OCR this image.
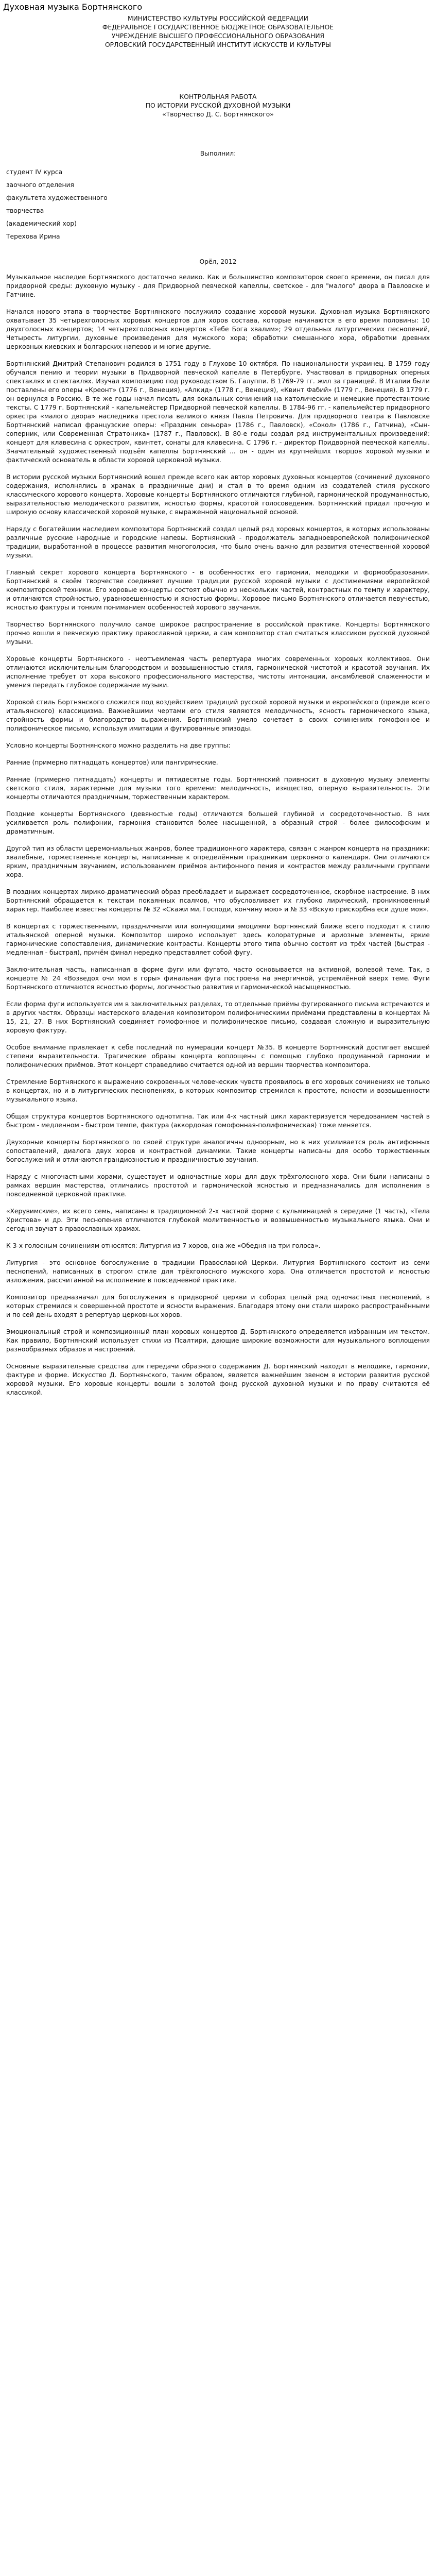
Духовная музыка Бортнянского
МИНИСТЕРСТВО КУЛЬТУРЫ РОССИЙСКОЙ ФЕДЕРАЦИИ
ФЕДЕРАЛЬНОЕ ГОСУДАРСТВЕННОЕ БЮДЖЕТНОЕ ОБРАЗОВАТЕЛЬНОЕ
УЧРЕЖДЕНИЕ ВЫСШЕГО ПРОФЕССИОНАЛЬНОГО ОБРАЗОВАНИЯ
ОРЛОВСКИЙ ГОСУДАРСТВЕННЫЙ ИНСТИТУТ ИСКУССТВ И КУЛЬТУРЫ
КОНТРОЛЬНАЯ РАБОТА
ПО ИСТОРИИ РУССКОЙ ДУХОВНОЙ МУЗЫКИ
«Творчество Д. С. Бортнянского»
Выполнил:
студент IV курса
заочного отделения
факультета художественного
творчества
(академический хор)
Терехова Ирина
Орёл, 2012

Музыкальное наследие Бортнянского достаточно велико. Как и большинство композиторов своего времени, он писал для придворной среды: духовную музыку - для Придворной певческой капеллы, светское - для "малого" двора в Павловске и Гатчине.

Начался нового этапа в творчестве Бортнянского послужило создание хоровой музыки. Духовная музыка Бортнянского охватывает 35 четырехголосных хоровых концертов для хоров состава, которые начинаются в его время половины: 10 двухголосных концертов; 14 четырехголосных концертов «Тебе Бога хвалим»; 29 отдельных литургических песнопений, Четыресть литургии, духовные произведения для мужского хора; обработки смешанного хора, обработки древних церковных киевских и болгарских напевов и многие другие.

Бортнянский Дмитрий Степанович родился в 1751 году в Глухове 10 октября. По национальности украинец. В 1759 году обучался пению и теории музыки в Придворной певческой капелле в Петербурге. Участвовал в придворных оперных спектаклях и спектаклях. Изучал композицию под руководством Б. Галуппи. В 1769-79 гг. жил за границей. В Италии были поставлены его оперы «Креонт» (1776 г., Венеция), «Алкид» (1778 г., Венеция), «Квинт Фабий» (1779 г., Венеция). В 1779 г. он вернулся в Россию. В те же годы начал писать для вокальных сочинений на католические и немецкие протестантские тексты. С 1779 г. Бортнянский - капельмейстер Придворной певческой капеллы. В 1784-96 гг. - капельмейстер придворного оркестра «малого двора» наследника престола великого князя Павла Петровича. Для придворного театра в Павловске Бортнянский написал французские оперы: «Праздник сеньора» (1786 г., Павловск), «Сокол» (1786 г., Гатчина), «Сын-соперник, или Современная Стратоника» (1787 г., Павловск). В 80-е годы создал ряд инструментальных произведений: концерт для клавесина с оркестром, квинтет, сонаты для клавесина. С 1796 г. - директор Придворной певческой капеллы. Значительный художественный подъём капеллы Бортнянский ... он - один из крупнейших творцов хоровой музыки и фактический основатель в области хоровой церковной музыки.

В истории русской музыки Бортнянский вошел прежде всего как автор хоровых духовных концертов (сочинений духовного содержания, исполнялись в храмах в праздничные дни) и стал в то время одним из создателей стиля русского классического хорового концерта. Хоровые концерты Бортнянского отличаются глубиной, гармонической продуманностью, выразительностью мелодического развития, ясностью формы, красотой голосоведения. Бортнянский придал прочную и широкую основу классической хоровой музыке, с выраженной национальной основой.

Наряду с богатейшим наследием композитора Бортнянский создал целый ряд хоровых концертов, в которых использованы различные русские народные и городские напевы. Бортнянский - продолжатель западноевропейской полифонической традиции, выработанной в процессе развития многоголосия, что было очень важно для развития отечественной хоровой музыки.

Главный секрет хорового концерта Бортнянского - в особенностях его гармонии, мелодики и формообразования. Бортнянский в своём творчестве соединяет лучшие традиции русской хоровой музыки с достижениями европейской композиторской техники. Его хоровые концерты состоят обычно из нескольких частей, контрастных по темпу и характеру, и отличаются стройностью, уравновешенностью и ясностью формы. Хоровое письмо Бортнянского отличается певучестью, ясностью фактуры и тонким пониманием особенностей хорового звучания.

Творчество Бортнянского получило самое широкое распространение в российской практике. Концерты Бортнянского прочно вошли в певческую практику православной церкви, а сам композитор стал считаться классиком русской духовной музыки.

Хоровые концерты Бортнянского - неотъемлемая часть репертуара многих современных хоровых коллективов. Они отличаются исключительным благородством и возвышенностью стиля, гармонической чистотой и красотой звучания. Их исполнение требует от хора высокого профессионального мастерства, чистоты интонации, ансамблевой слаженности и умения передать глубокое содержание музыки.

Хоровой стиль Бортнянского сложился под воздействием традиций русской хоровой музыки и европейского (прежде всего итальянского) классицизма. Важнейшими чертами его стиля являются мелодичность, ясность гармонического языка, стройность формы и благородство выражения. Бортнянский умело сочетает в своих сочинениях гомофонное и полифоническое письмо, используя имитации и фугированные эпизоды.

Условно концерты Бортнянского можно разделить на две группы:

Ранние (примерно пятнадцать концертов) или пангирические.

Ранние (примерно пятнадцать) концерты и пятидесятые годы. Бортнянский привносит в духовную музыку элементы светского стиля, характерные для музыки того времени: мелодичность, изящество, оперную выразительность. Эти концерты отличаются праздничным, торжественным характером.

Поздние концерты Бортнянского (девяностые годы) отличаются большей глубиной и сосредоточенностью. В них усиливается роль полифонии, гармония становится более насыщенной, а образный строй - более философским и драматичным.

Другой тип из области церемониальных жанров, более традиционного характера, связан с жанром концерта на праздники: хвалебные, торжественные концерты, написанные к определённым праздникам церковного календаря. Они отличаются ярким, праздничным звучанием, использованием приёмов антифонного пения и контрастов между различными группами хора.

В поздних концертах лирико-драматический образ преобладает и выражает сосредоточенное, скорбное настроение. В них Бортнянский обращается к текстам покаянных псалмов, что обусловливает их глубоко лирический, проникновенный характер. Наиболее известны концерты № 32 «Скажи ми, Господи, кончину мою» и № 33 «Вскую прискорбна еси душе моя».

В концертах с торжественными, праздничными или волнующими эмоциями Бортнянский ближе всего подходит к стилю итальянской оперной музыки. Композитор широко использует здесь колоратурные и ариозные элементы, яркие гармонические сопоставления, динамические контрасты. Концерты этого типа обычно состоят из трёх частей (быстрая - медленная - быстрая), причём финал нередко представляет собой фугу.

Заключительная часть, написанная в форме фуги или фугато, часто основывается на активной, волевой теме. Так, в концерте № 24 «Возведох очи мои в горы» финальная фуга построена на энергичной, устремлённой вверх теме. Фуги Бортнянского отличаются ясностью формы, логичностью развития и гармонической насыщенностью.

Если форма фуги используется им в заключительных разделах, то отдельные приёмы фугированного письма встречаются и в других частях. Образцы мастерского владения композитором полифоническими приёмами представлены в концертах № 15, 21, 27. В них Бортнянский соединяет гомофонное и полифоническое письмо, создавая сложную и выразительную хоровую фактуру.

Особое внимание привлекает к себе последний по нумерации концерт №35. В концерте Бортнянский достигает высшей степени выразительности. Трагические образы концерта воплощены с помощью глубоко продуманной гармонии и полифонических приёмов. Этот концерт справедливо считается одной из вершин творчества композитора.

Стремление Бортнянского к выражению сокровенных человеческих чувств проявилось в его хоровых сочинениях не только в концертах, но и в литургических песнопениях, в которых композитор стремился к простоте, ясности и возвышенности музыкального языка.

Общая структура концертов Бортнянского однотипна. Так или 4-х частный цикл характеризуется чередованием частей в быстром - медленном - быстром темпе, фактура (аккордовая гомофонная-полифоническая) тоже меняется.

Двухорные концерты Бортнянского по своей структуре аналогичны одноорным, но в них усиливается роль антифонных сопоставлений, диалога двух хоров и контрастной динамики. Такие концерты написаны для особо торжественных богослужений и отличаются грандиозностью и праздничностью звучания.

Наряду с многочастными хорами, существует и одночастные хоры для двух трёхголосного хора. Они были написаны в рамках вершин мастерства, отличались простотой и гармонической ясностью и предназначались для исполнения в повседневной церковной практике.

«Херувимские», их всего семь, написаны в традиционной 2-х частной форме с кульминацией в середине (1 часть), «Тела Христова» и др. Эти песнопения отличаются глубокой молитвенностью и возвышенностью музыкального языка. Они и сегодня звучат в православных храмах.

К 3-х голосным сочинениям относятся: Литургия из 7 хоров, она же «Обедня на три голоса».

Литургия - это основное богослужение в традиции Православной Церкви. Литургия Бортнянского состоит из семи песнопений, написанных в строгом стиле для трёхголосного мужского хора. Она отличается простотой и ясностью изложения, рассчитанной на исполнение в повседневной практике.

Композитор предназначал для богослужения в придворной церкви и соборах целый ряд одночастных песнопений, в которых стремился к совершенной простоте и ясности выражения. Благодаря этому они стали широко распространёнными и по сей день входят в репертуар церковных хоров.

Эмоциональный строй и композиционный план хоровых концертов Д. Бортнянского определяется избранным им текстом. Как правило, Бортнянский использует стихи из Псалтири, дающие широкие возможности для музыкального воплощения разнообразных образов и настроений.

Основные выразительные средства для передачи образного содержания Д. Бортнянский находит в мелодике, гармонии, фактуре и форме. Искусство Д. Бортнянского, таким образом, является важнейшим звеном в истории развития русской хоровой музыки. Его хоровые концерты вошли в золотой фонд русской духовной музыки и по праву считаются её классикой.
